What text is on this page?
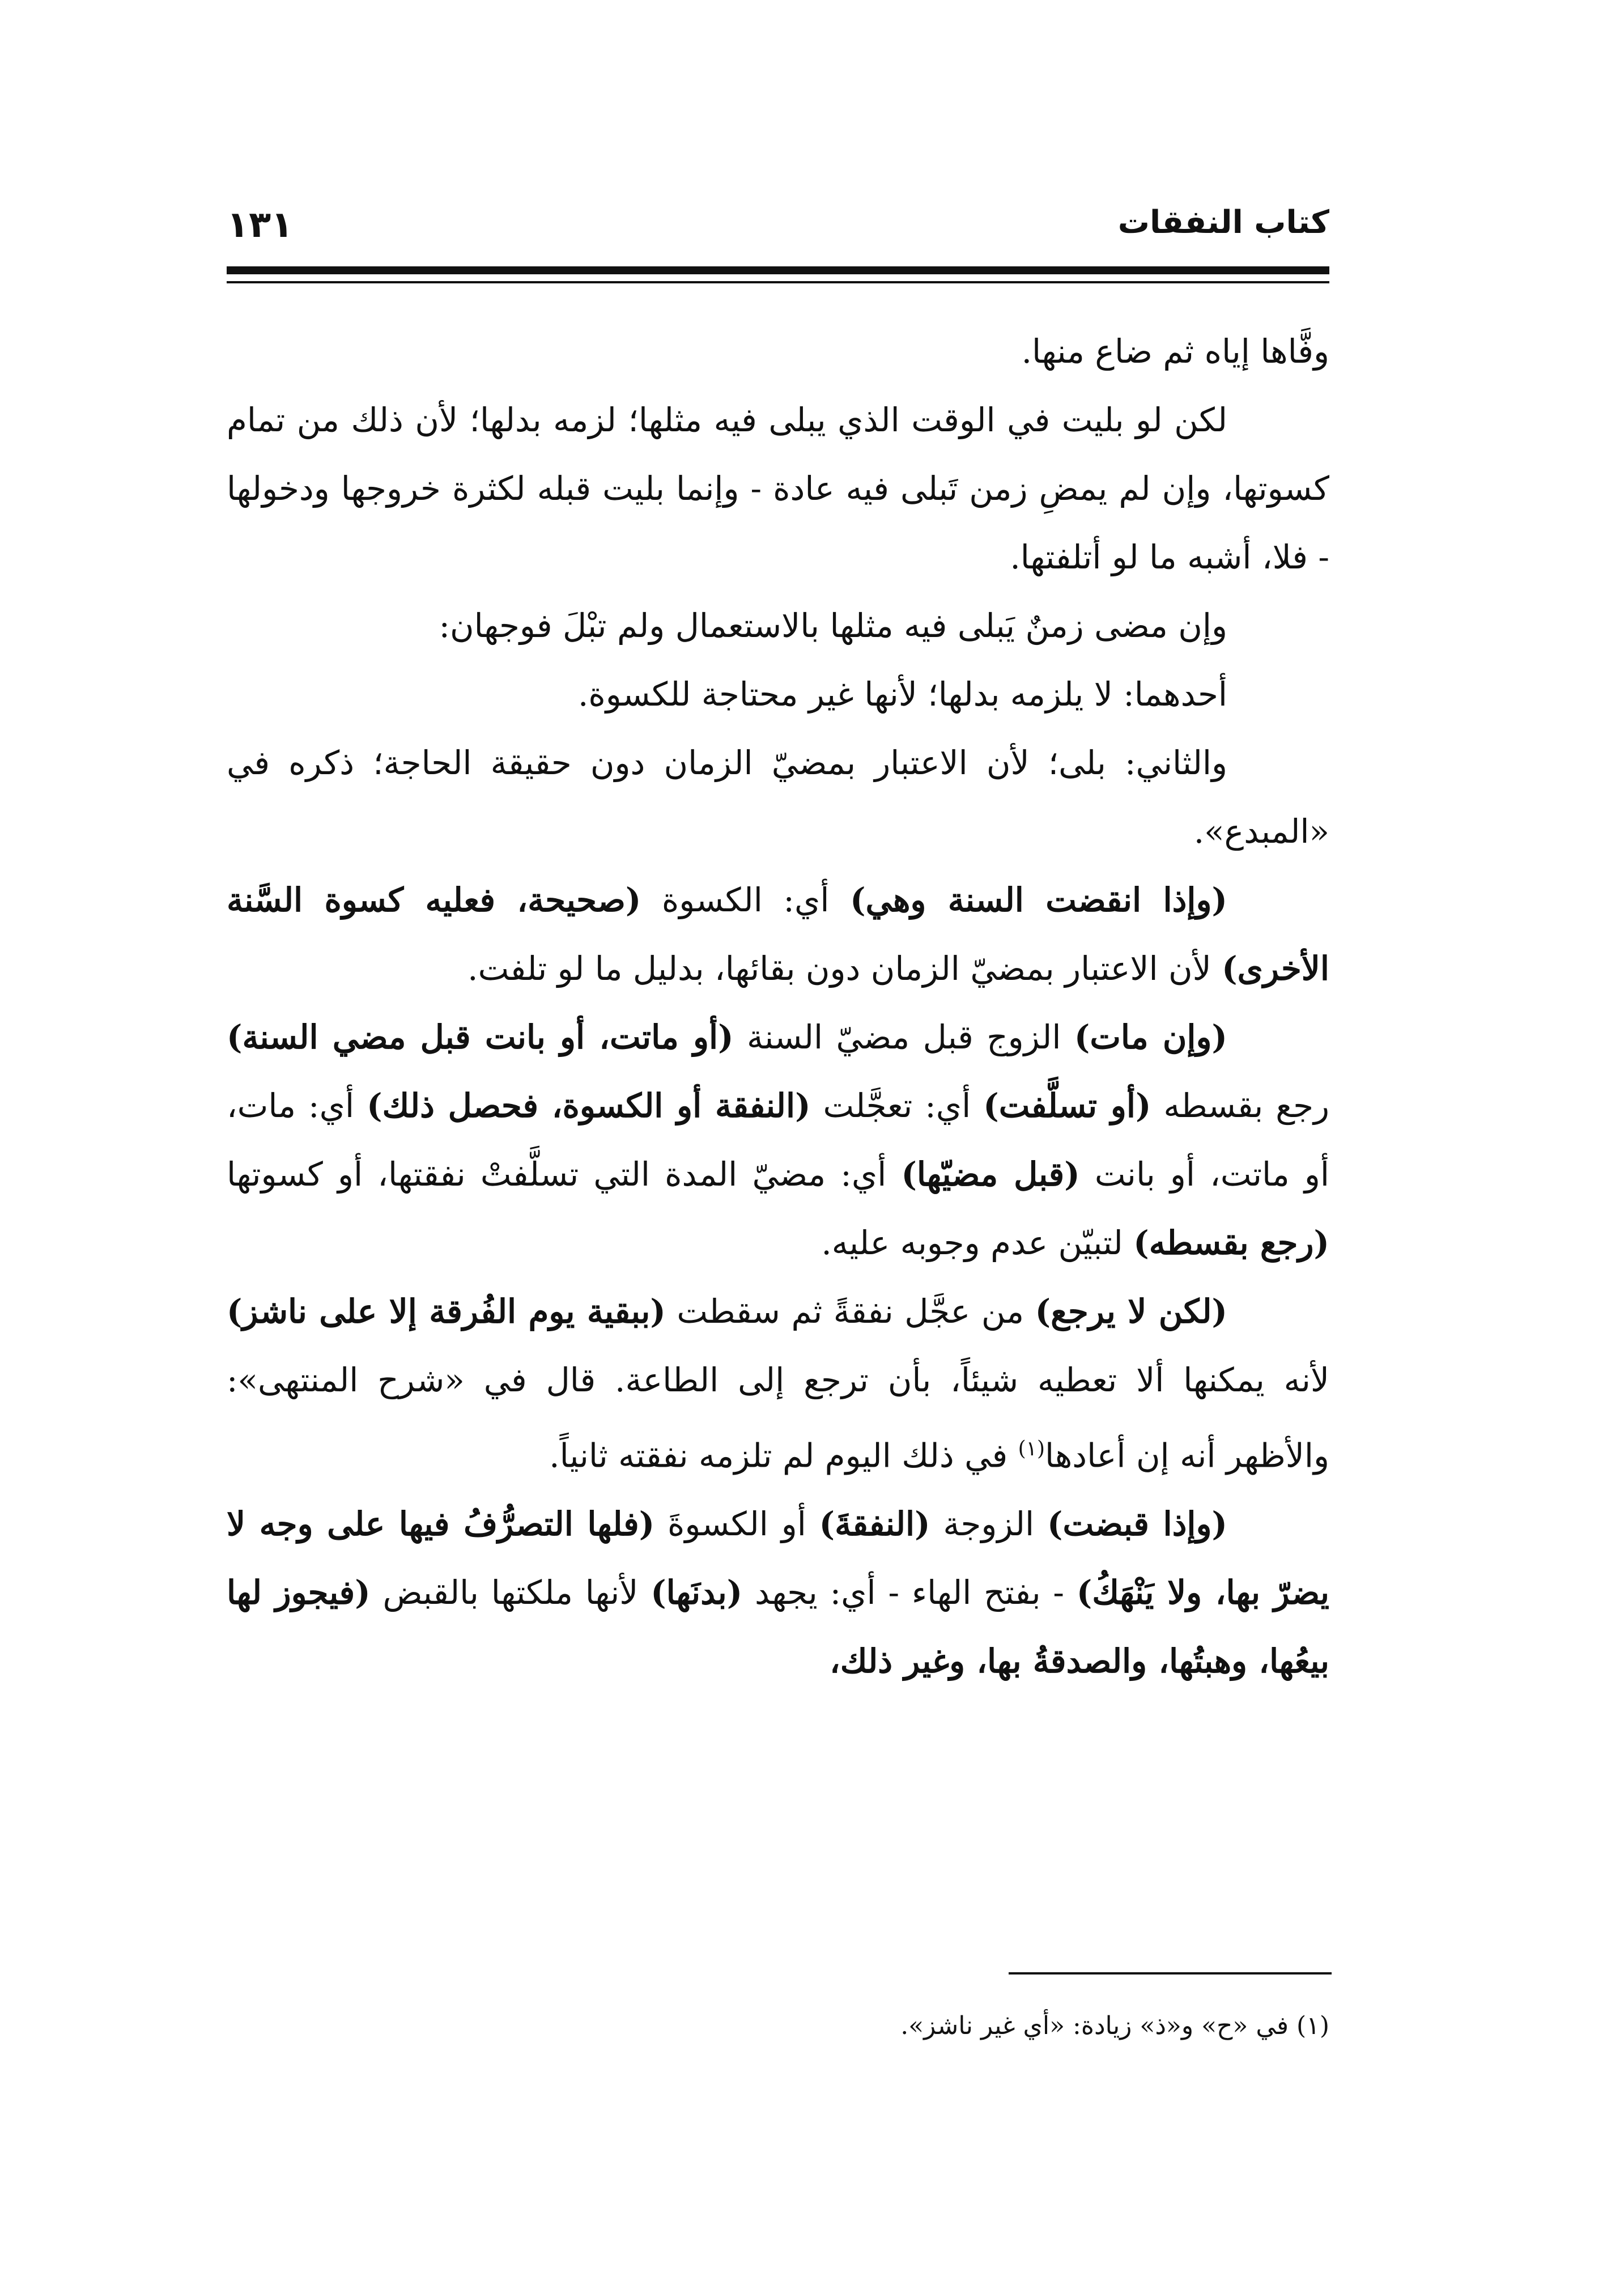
١٣١	كتاب النفقات

وفَّاها إياه ثم ضاع منها.

لكن لو بليت في الوقت الذي يبلى فيه مثلها؛ لزمه بدلها؛ لأن ذلك من تمام كسوتها، وإن لم يمضِ زمن تَبلى فيه عادة - وإنما بليت قبله لكثرة خروجها ودخولها - فلا، أشبه ما لو أتلفتها.

وإن مضى زمنٌ يَبلى فيه مثلها بالاستعمال ولم تبْلَ فوجهان:

أحدهما: لا يلزمه بدلها؛ لأنها غير محتاجة للكسوة.

والثاني: بلى؛ لأن الاعتبار بمضيّ الزمان دون حقيقة الحاجة؛ ذكره في «المبدع».

(وإذا انقضت السنة وهي) أي: الكسوة (صحيحة، فعليه كسوة السَّنة الأخرى) لأن الاعتبار بمضيّ الزمان دون بقائها، بدليل ما لو تلفت.

(وإن مات) الزوج قبل مضيّ السنة (أو ماتت، أو بانت قبل مضي السنة) رجع بقسطه (أو تسلَّفت) أي: تعجَّلت (النفقة أو الكسوة، فحصل ذلك) أي: مات، أو ماتت، أو بانت (قبل مضيّها) أي: مضيّ المدة التي تسلَّفتْ نفقتها، أو كسوتها (رجع بقسطه) لتبيّن عدم وجوبه عليه.

(لكن لا يرجع) من عجَّل نفقةً ثم سقطت (ببقية يوم الفُرقة إلا على ناشز) لأنه يمكنها ألا تعطيه شيئاً، بأن ترجع إلى الطاعة. قال في «شرح المنتهى»: والأظهر أنه إن أعادها$^{(١)}$ في ذلك اليوم لم تلزمه نفقته ثانياً.

(وإذا قبضت) الزوجة (النفقةَ) أو الكسوةَ (فلها التصرُّفُ فيها على وجه لا يضرّ بها، ولا يَنْهَكُ) - بفتح الهاء - أي: يجهد (بدنَها) لأنها ملكتها بالقبض (فيجوز لها بيعُها، وهبتُها، والصدقةُ بها، وغير ذلك،

(١) في «ح» و«ذ» زيادة: «أي غير ناشز».
